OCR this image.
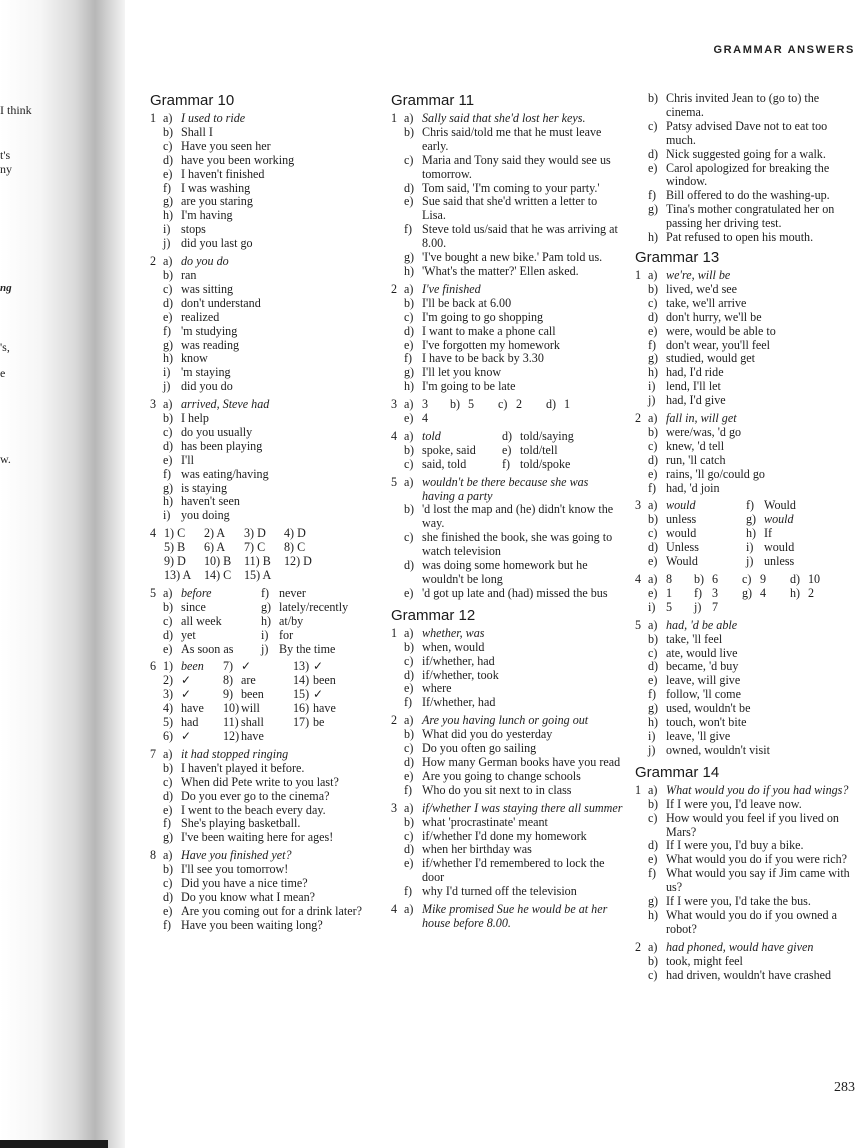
I think
t's
ny
ng
's,
e
w.
GRAMMAR ANSWERS
283
Grammar 10
1 a) I used to ride
b) Shall I
c) Have you seen her
d) have you been working
e) I haven't finished
f) I was washing
g) are you staring
h) I'm having
i) stops
j) did you last go
2 a) do you do
b) ran
c) was sitting
d) don't understand
e) realized
f) 'm studying
g) was reading
h) know
i) 'm staying
j) did you do
3 a) arrived, Steve had
b) I help
c) do you usually
d) has been playing
e) I'll
f) was eating/having
g) is staying
h) haven't seen
i) you doing
4 1) C	2) A	3) D	4) D
5) B	6) A	7) C	8) C
9) D	10) B	11) B	12) D
13) A	14) C	15) A
5 a) before	f) never
b) since	g) lately/recently
c) all week	h) at/by
d) yet	i) for
e) As soon as	j) By the time
6 1) been	7) ✓	13) ✓
2) ✓	8) are	14) been
3) ✓	9) been	15) ✓
4) have	10) will	16) have
5) had	11) shall	17) be
6) ✓	12) have
7 a) it had stopped ringing
b) I haven't played it before.
c) When did Pete write to you last?
d) Do you ever go to the cinema?
e) I went to the beach every day.
f) She's playing basketball.
g) I've been waiting here for ages!
8 a) Have you finished yet?
b) I'll see you tomorrow!
c) Did you have a nice time?
d) Do you know what I mean?
e) Are you coming out for a drink later?
f) Have you been waiting long?
Grammar 11
1 a) Sally said that she'd lost her keys.
b) Chris said/told me that he must leave early.
c) Maria and Tony said they would see us tomorrow.
d) Tom said, 'I'm coming to your party.'
e) Sue said that she'd written a letter to Lisa.
f) Steve told us/said that he was arriving at 8.00.
g) 'I've bought a new bike.' Pam told us.
h) 'What's the matter?' Ellen asked.
2 a) I've finished
b) I'll be back at 6.00
c) I'm going to go shopping
d) I want to make a phone call
e) I've forgotten my homework
f) I have to be back by 3.30
g) I'll let you know
h) I'm going to be late
3 a) 3	b) 5	c) 2	d) 1
e) 4
4 a) told	d) told/saying
b) spoke, said	e) told/tell
c) said, told	f) told/spoke
5 a) wouldn't be there because she was having a party
b) 'd lost the map and (he) didn't know the way.
c) she finished the book, she was going to watch television
d) was doing some homework but he wouldn't be long
e) 'd got up late and (had) missed the bus
Grammar 12
1 a) whether, was
b) when, would
c) if/whether, had
d) if/whether, took
e) where
f) If/whether, had
2 a) Are you having lunch or going out
b) What did you do yesterday
c) Do you often go sailing
d) How many German books have you read
e) Are you going to change schools
f) Who do you sit next to in class
3 a) if/whether I was staying there all summer
b) what 'procrastinate' meant
c) if/whether I'd done my homework
d) when her birthday was
e) if/whether I'd remembered to lock the door
f) why I'd turned off the television
4 a) Mike promised Sue he would be at her house before 8.00.
b) Chris invited Jean to (go to) the cinema.
c) Patsy advised Dave not to eat too much.
d) Nick suggested going for a walk.
e) Carol apologized for breaking the window.
f) Bill offered to do the washing-up.
g) Tina's mother congratulated her on passing her driving test.
h) Pat refused to open his mouth.
Grammar 13
1 a) we're, will be
b) lived, we'd see
c) take, we'll arrive
d) don't hurry, we'll be
e) were, would be able to
f) don't wear, you'll feel
g) studied, would get
h) had, I'd ride
i) lend, I'll let
j) had, I'd give
2 a) fall in, will get
b) were/was, 'd go
c) knew, 'd tell
d) run, 'll catch
e) rains, 'll go/could go
f) had, 'd join
3 a) would	f) Would
b) unless	g) would
c) would	h) If
d) Unless	i) would
e) Would	j) unless
4 a) 8	b) 6	c) 9	d) 10
e) 1	f) 3	g) 4	h) 2
i) 5	j) 7
5 a) had, 'd be able
b) take, 'll feel
c) ate, would live
d) became, 'd buy
e) leave, will give
f) follow, 'll come
g) used, wouldn't be
h) touch, won't bite
i) leave, 'll give
j) owned, wouldn't visit
Grammar 14
1 a) What would you do if you had wings?
b) If I were you, I'd leave now.
c) How would you feel if you lived on Mars?
d) If I were you, I'd buy a bike.
e) What would you do if you were rich?
f) What would you say if Jim came with us?
g) If I were you, I'd take the bus.
h) What would you do if you owned a robot?
2 a) had phoned, would have given
b) took, might feel
c) had driven, wouldn't have crashed
